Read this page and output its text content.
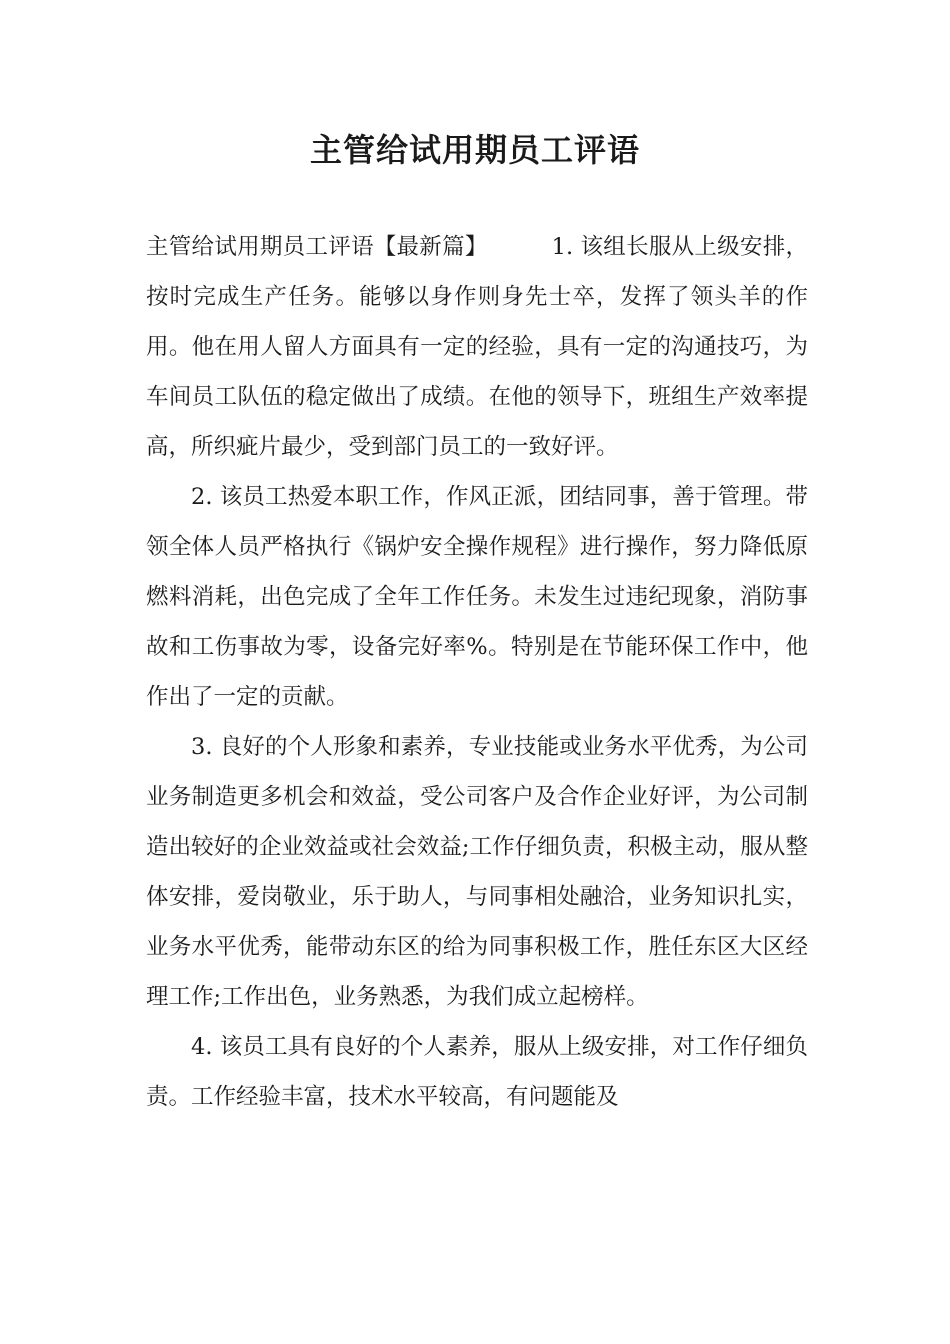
主管给试用期员工评语

主管给试用期员工评语【最新篇】	1. 该组长服从上级安排，按时完成生产任务。能够以身作则身先士卒，发挥了领头羊的作用。他在用人留人方面具有一定的经验，具有一定的沟通技巧，为车间员工队伍的稳定做出了成绩。在他的领导下，班组生产效率提高，所织疵片最少，受到部门员工的一致好评。

2. 该员工热爱本职工作，作风正派，团结同事，善于管理。带领全体人员严格执行《锅炉安全操作规程》进行操作，努力降低原燃料消耗，出色完成了全年工作任务。未发生过违纪现象，消防事故和工伤事故为零，设备完好率%。特别是在节能环保工作中，他作出了一定的贡献。

3. 良好的个人形象和素养，专业技能或业务水平优秀，为公司业务制造更多机会和效益，受公司客户及合作企业好评，为公司制造出较好的企业效益或社会效益;工作仔细负责，积极主动，服从整体安排，爱岗敬业，乐于助人，与同事相处融洽，业务知识扎实，业务水平优秀，能带动东区的给为同事积极工作，胜任东区大区经理工作;工作出色，业务熟悉，为我们成立起榜样。

4. 该员工具有良好的个人素养，服从上级安排，对工作仔细负责。工作经验丰富，技术水平较高，有问题能及
